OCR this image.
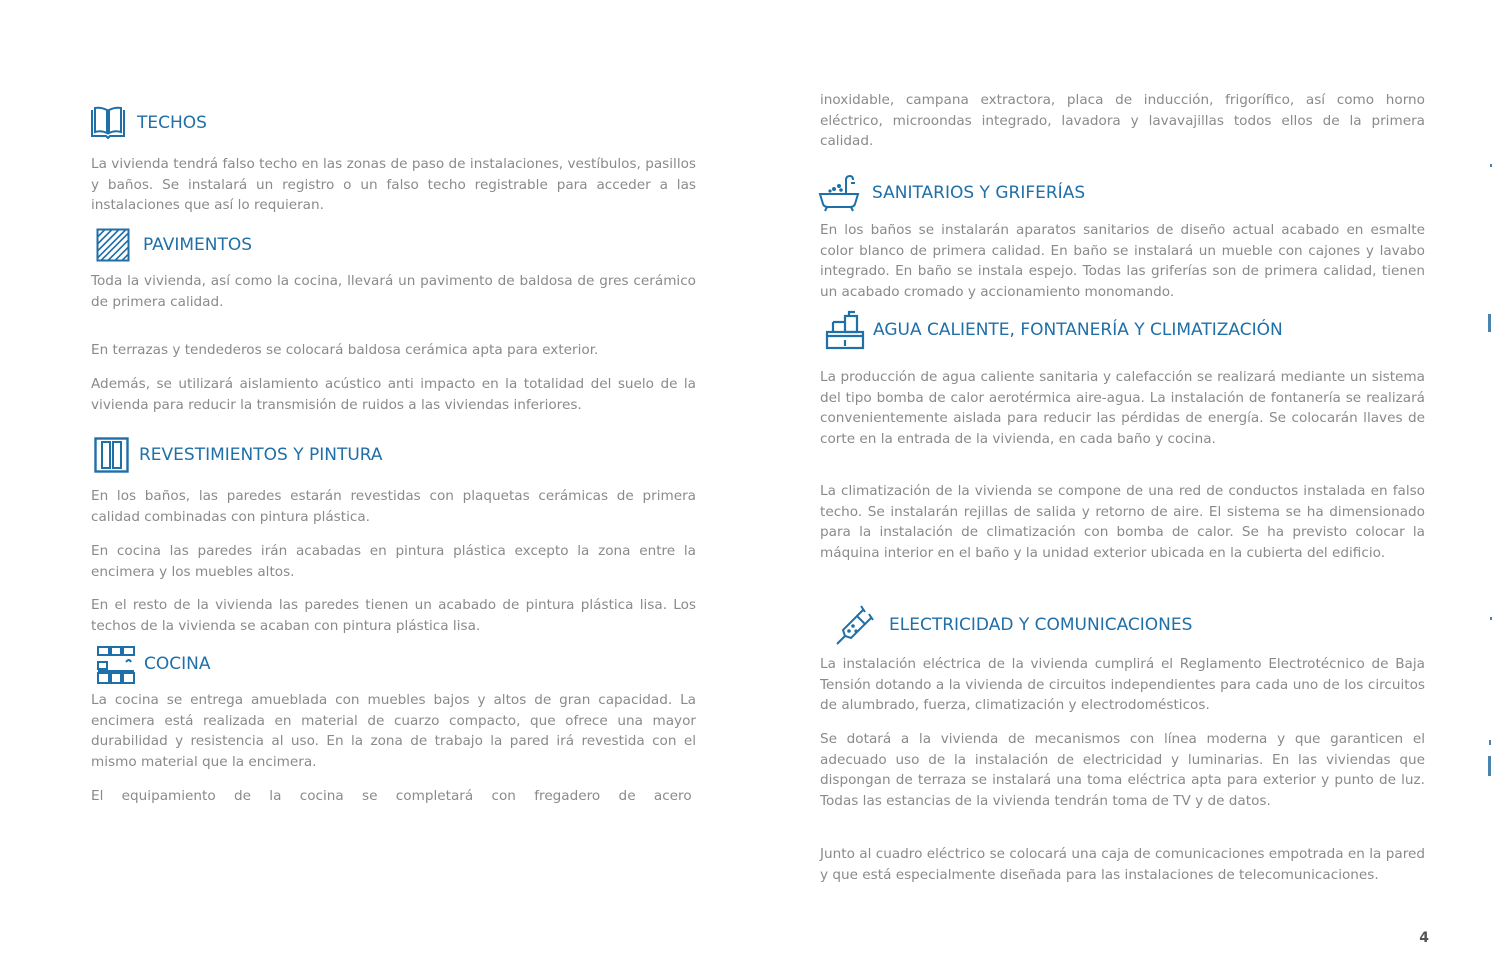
TECHOS

La vivienda tendrá falso techo en las zonas de paso de instalaciones, vestíbulos, pasillos y baños. Se instalará un registro o un falso techo registrable para acceder a las instalaciones que así lo requieran.

PAVIMENTOS

Toda la vivienda, así como la cocina, llevará un pavimento de baldosa de gres cerámico de primera calidad.

En terrazas y tendederos se colocará baldosa cerámica apta para exterior.

Además, se utilizará aislamiento acústico anti impacto en la totalidad del suelo de la vivienda para reducir la transmisión de ruidos a las viviendas inferiores.

REVESTIMIENTOS Y PINTURA

En los baños, las paredes estarán revestidas con plaquetas cerámicas de primera calidad combinadas con pintura plástica.

En cocina las paredes irán acabadas en pintura plástica excepto la zona entre la encimera y los muebles altos.

En el resto de la vivienda las paredes tienen un acabado de pintura plástica lisa. Los techos de la vivienda se acaban con pintura plástica lisa.

COCINA

La cocina se entrega amueblada con muebles bajos y altos de gran capacidad. La encimera está realizada en material de cuarzo compacto, que ofrece una mayor durabilidad y resistencia al uso. En la zona de trabajo la pared irá revestida con el mismo material que la encimera.

El equipamiento de la cocina se completará con fregadero de acero

inoxidable, campana extractora, placa de inducción, frigorífico, así como horno eléctrico, microondas integrado, lavadora y lavavajillas todos ellos de la primera calidad.

SANITARIOS Y GRIFERÍAS

En los baños se instalarán aparatos sanitarios de diseño actual acabado en esmalte color blanco de primera calidad. En baño se instalará un mueble con cajones y lavabo integrado. En baño se instala espejo. Todas las griferías son de primera calidad, tienen un acabado cromado y accionamiento monomando.

AGUA CALIENTE, FONTANERÍA Y CLIMATIZACIÓN

La producción de agua caliente sanitaria y calefacción se realizará mediante un sistema del tipo bomba de calor aerotérmica aire-agua. La instalación de fontanería se realizará convenientemente aislada para reducir las pérdidas de energía. Se colocarán llaves de corte en la entrada de la vivienda, en cada baño y cocina.

La climatización de la vivienda se compone de una red de conductos instalada en falso techo. Se instalarán rejillas de salida y retorno de aire. El sistema se ha dimensionado para la instalación de climatización con bomba de calor. Se ha previsto colocar la máquina interior en el baño y la unidad exterior ubicada en la cubierta del edificio.

ELECTRICIDAD Y COMUNICACIONES

La instalación eléctrica de la vivienda cumplirá el Reglamento Electrotécnico de Baja Tensión dotando a la vivienda de circuitos independientes para cada uno de los circuitos de alumbrado, fuerza, climatización y electrodomésticos.

Se dotará a la vivienda de mecanismos con línea moderna y que garanticen el adecuado uso de la instalación de electricidad y luminarias. En las viviendas que dispongan de terraza se instalará una toma eléctrica apta para exterior y punto de luz. Todas las estancias de la vivienda tendrán toma de TV y de datos.

Junto al cuadro eléctrico se colocará una caja de comunicaciones empotrada en la pared y que está especialmente diseñada para las instalaciones de telecomunicaciones.

4
